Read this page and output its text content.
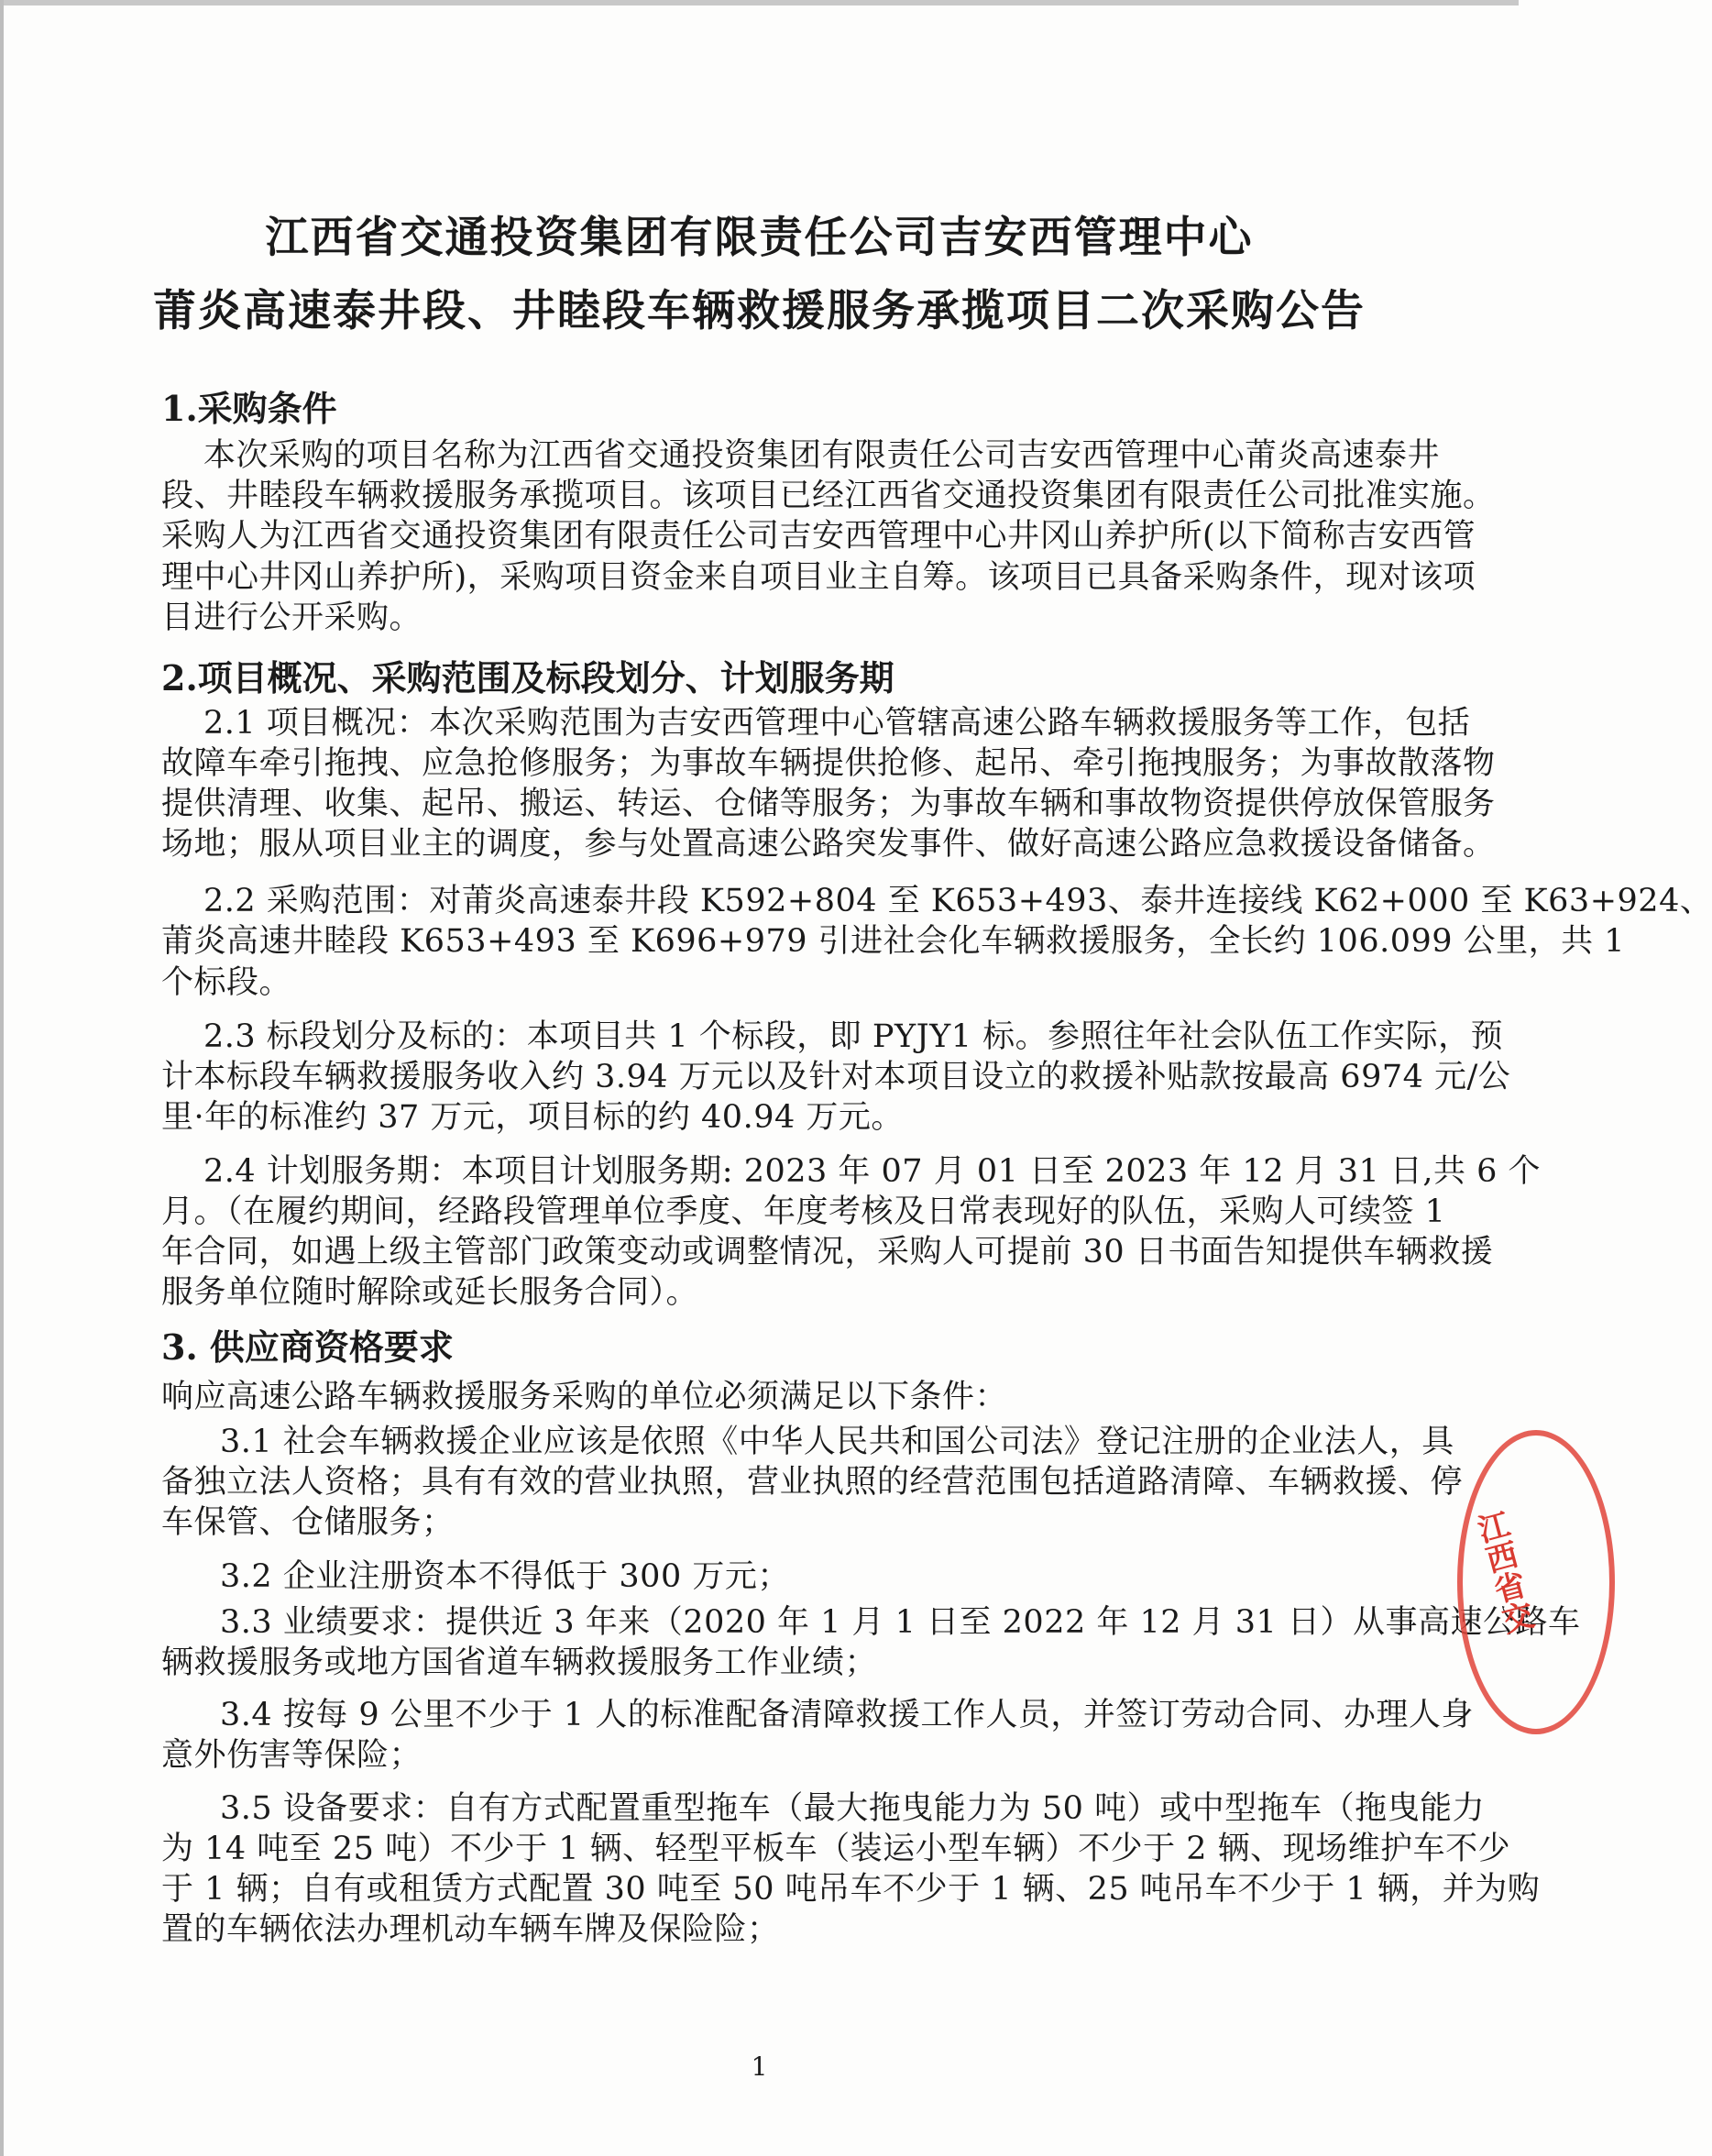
江西省交通投资集团有限责任公司吉安西管理中心
莆炎高速泰井段、井睦段车辆救援服务承揽项目二次采购公告
1.采购条件
本次采购的项目名称为江西省交通投资集团有限责任公司吉安西管理中心莆炎高速泰井
段、井睦段车辆救援服务承揽项目。该项目已经江西省交通投资集团有限责任公司批准实施。
采购人为江西省交通投资集团有限责任公司吉安西管理中心井冈山养护所(以下简称吉安西管
理中心井冈山养护所)，采购项目资金来自项目业主自筹。该项目已具备采购条件，现对该项
目进行公开采购。
2.项目概况、采购范围及标段划分、计划服务期
2.1 项目概况：本次采购范围为吉安西管理中心管辖高速公路车辆救援服务等工作，包括
故障车牵引拖拽、应急抢修服务；为事故车辆提供抢修、起吊、牵引拖拽服务；为事故散落物
提供清理、收集、起吊、搬运、转运、仓储等服务；为事故车辆和事故物资提供停放保管服务
场地；服从项目业主的调度，参与处置高速公路突发事件、做好高速公路应急救援设备储备。
2.2 采购范围：对莆炎高速泰井段 K592+804 至 K653+493、泰井连接线 K62+000 至 K63+924、
莆炎高速井睦段 K653+493 至 K696+979 引进社会化车辆救援服务，全长约 106.099 公里，共 1
个标段。
2.3 标段划分及标的：本项目共 1 个标段，即 PYJY1 标。参照往年社会队伍工作实际，预
计本标段车辆救援服务收入约 3.94 万元以及针对本项目设立的救援补贴款按最高 6974 元/公
里·年的标准约 37 万元，项目标的约 40.94 万元。
2.4 计划服务期：本项目计划服务期: 2023 年 07 月 01 日至 2023 年 12 月 31 日,共 6 个
月。（在履约期间，经路段管理单位季度、年度考核及日常表现好的队伍，采购人可续签 1
年合同，如遇上级主管部门政策变动或调整情况，采购人可提前 30 日书面告知提供车辆救援
服务单位随时解除或延长服务合同）。
3. 供应商资格要求
响应高速公路车辆救援服务采购的单位必须满足以下条件：
3.1 社会车辆救援企业应该是依照《中华人民共和国公司法》登记注册的企业法人，具
备独立法人资格；具有有效的营业执照，营业执照的经营范围包括道路清障、车辆救援、停
车保管、仓储服务；
3.2 企业注册资本不得低于 300 万元；
3.3 业绩要求：提供近 3 年来（2020 年 1 月 1 日至 2022 年 12 月 31 日）从事高速公路车
辆救援服务或地方国省道车辆救援服务工作业绩；
3.4 按每 9 公里不少于 1 人的标准配备清障救援工作人员，并签订劳动合同、办理人身
意外伤害等保险；
3.5 设备要求：自有方式配置重型拖车（最大拖曳能力为 50 吨）或中型拖车（拖曳能力
为 14 吨至 25 吨）不少于 1 辆、轻型平板车（装运小型车辆）不少于 2 辆、现场维护车不少
于 1 辆；自有或租赁方式配置 30 吨至 50 吨吊车不少于 1 辆、25 吨吊车不少于 1 辆，并为购
置的车辆依法办理机动车辆车牌及保险险；
1
江西省交
